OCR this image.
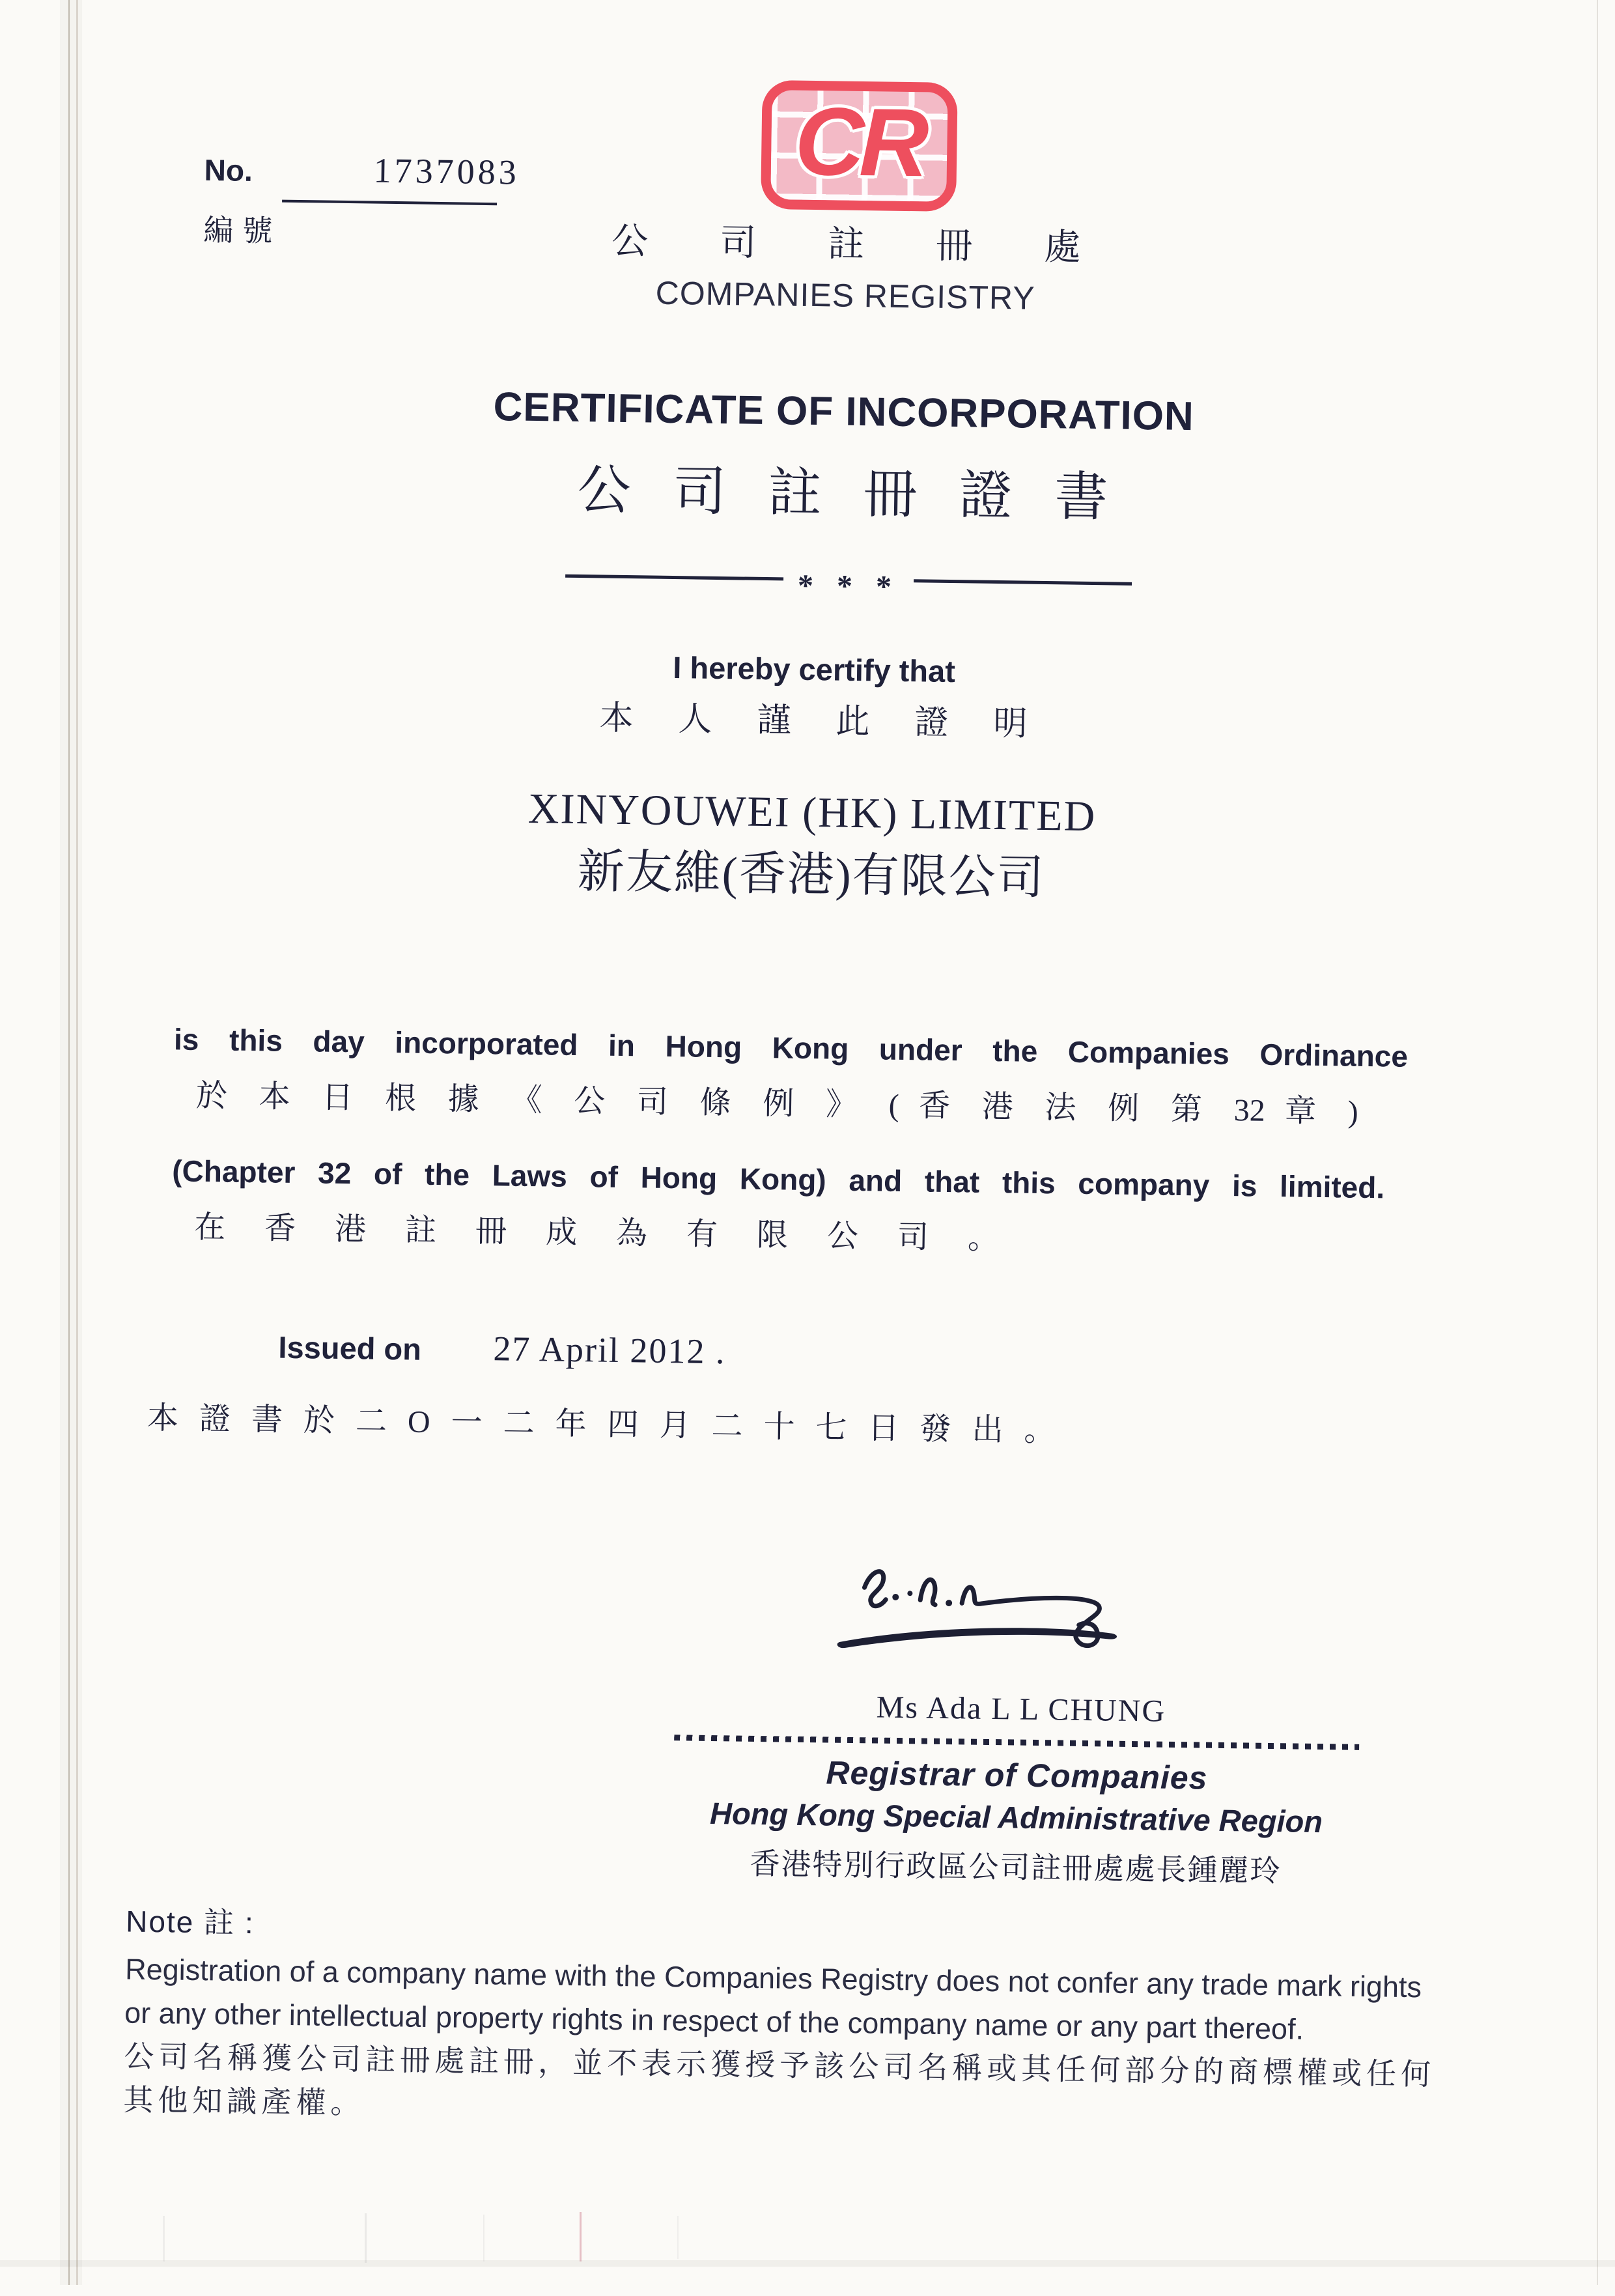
No.	1737083
編號
CR
公 司 註 冊 處
COMPANIES REGISTRY
CERTIFICATE OF INCORPORATION
公 司 註 冊 證 書
* * *
I hereby certify that
本 人 謹 此 證 明
XINYOUWEI (HK) LIMITED
新友維(香港)有限公司
is this day incorporated in Hong Kong under the Companies Ordinance
於 本 日 根 據 《 公 司 條 例 》 ( 香 港 法 例 第 32 章 )
(Chapter 32 of the Laws of Hong Kong) and that this company is limited.
在香港註冊成為有限公司。
Issued on 27 April 2012 .
本證書於二O一二年四月二十七日發出。
Ms Ada L L CHUNG
Registrar of Companies
Hong Kong Special Administrative Region
香港特別行政區公司註冊處處長鍾麗玲
Note 註 :
Registration of a company name with the Companies Registry does not confer any trade mark rights
or any other intellectual property rights in respect of the company name or any part thereof.
公司名稱獲公司註冊處註冊，並不表示獲授予該公司名稱或其任何部分的商標權或任何
其他知識產權。
